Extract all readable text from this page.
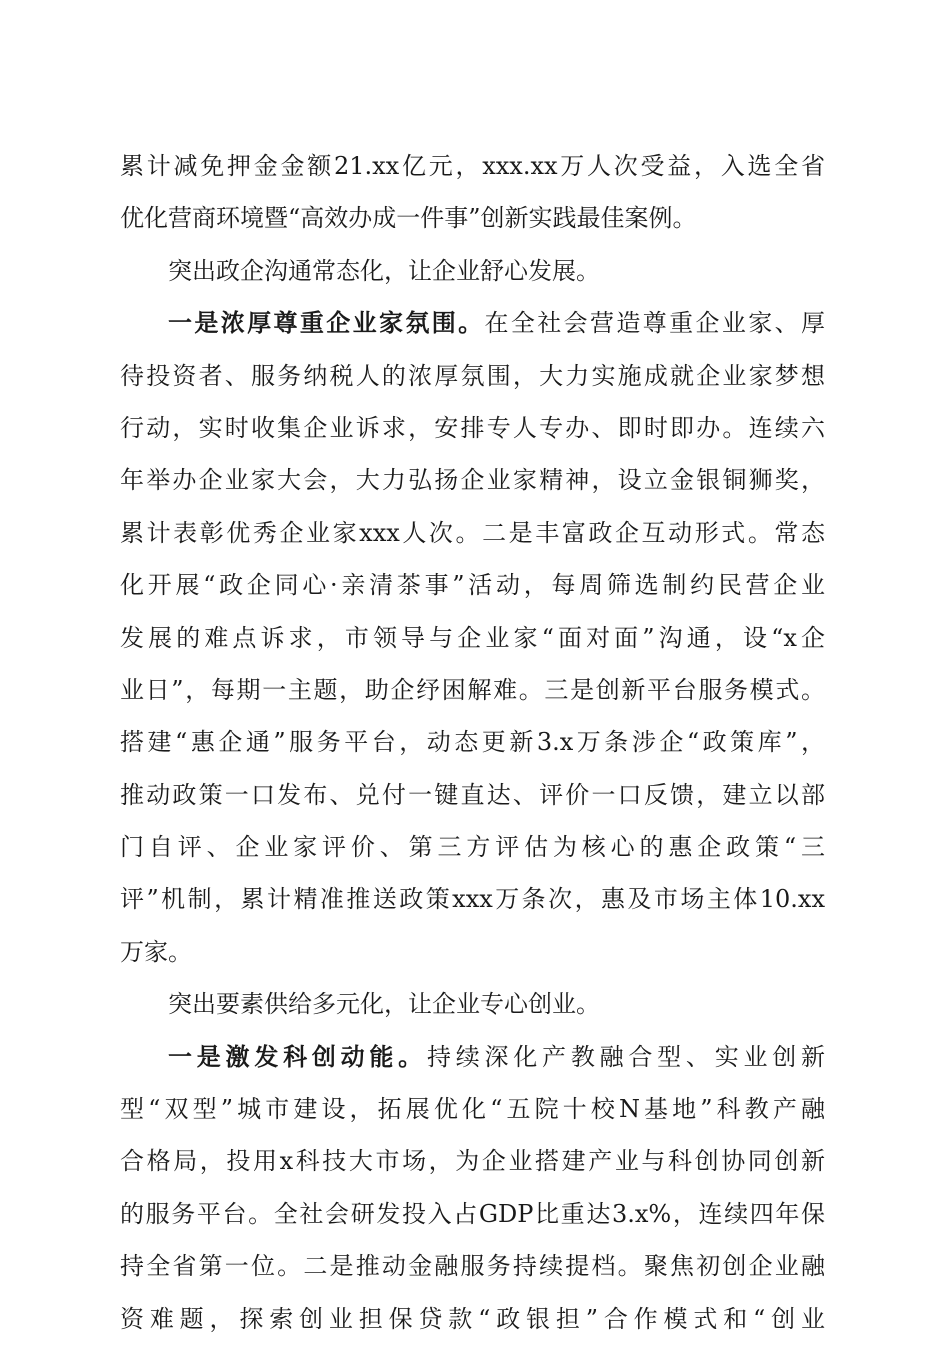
累计减免押金金额21.xx亿元，xxx.xx万人次受益，入选全省
优化营商环境暨“高效办成一件事”创新实践最佳案例。
突出政企沟通常态化，让企业舒心发展。
一是浓厚尊重企业家氛围。在全社会营造尊重企业家、厚
待投资者、服务纳税人的浓厚氛围，大力实施成就企业家梦想
行动，实时收集企业诉求，安排专人专办、即时即办。连续六
年举办企业家大会，大力弘扬企业家精神，设立金银铜狮奖，
累计表彰优秀企业家xxx人次。二是丰富政企互动形式。常态
化开展“政企同心·亲清茶事”活动，每周筛选制约民营企业
发展的难点诉求，市领导与企业家“面对面”沟通，设“x企
业日”，每期一主题，助企纾困解难。三是创新平台服务模式。
搭建“惠企通”服务平台，动态更新3.x万条涉企“政策库”，
推动政策一口发布、兑付一键直达、评价一口反馈，建立以部
门自评、企业家评价、第三方评估为核心的惠企政策“三
评”机制，累计精准推送政策xxx万条次，惠及市场主体10.xx
万家。
突出要素供给多元化，让企业专心创业。
一是激发科创动能。持续深化产教融合型、实业创新
型“双型”城市建设，拓展优化“五院十校N基地”科教产融
合格局，投用x科技大市场，为企业搭建产业与科创协同创新
的服务平台。全社会研发投入占GDP比重达3.x%，连续四年保
持全省第一位。二是推动金融服务持续提档。聚焦初创企业融
资难题，探索创业担保贷款“政银担”合作模式和“创业
